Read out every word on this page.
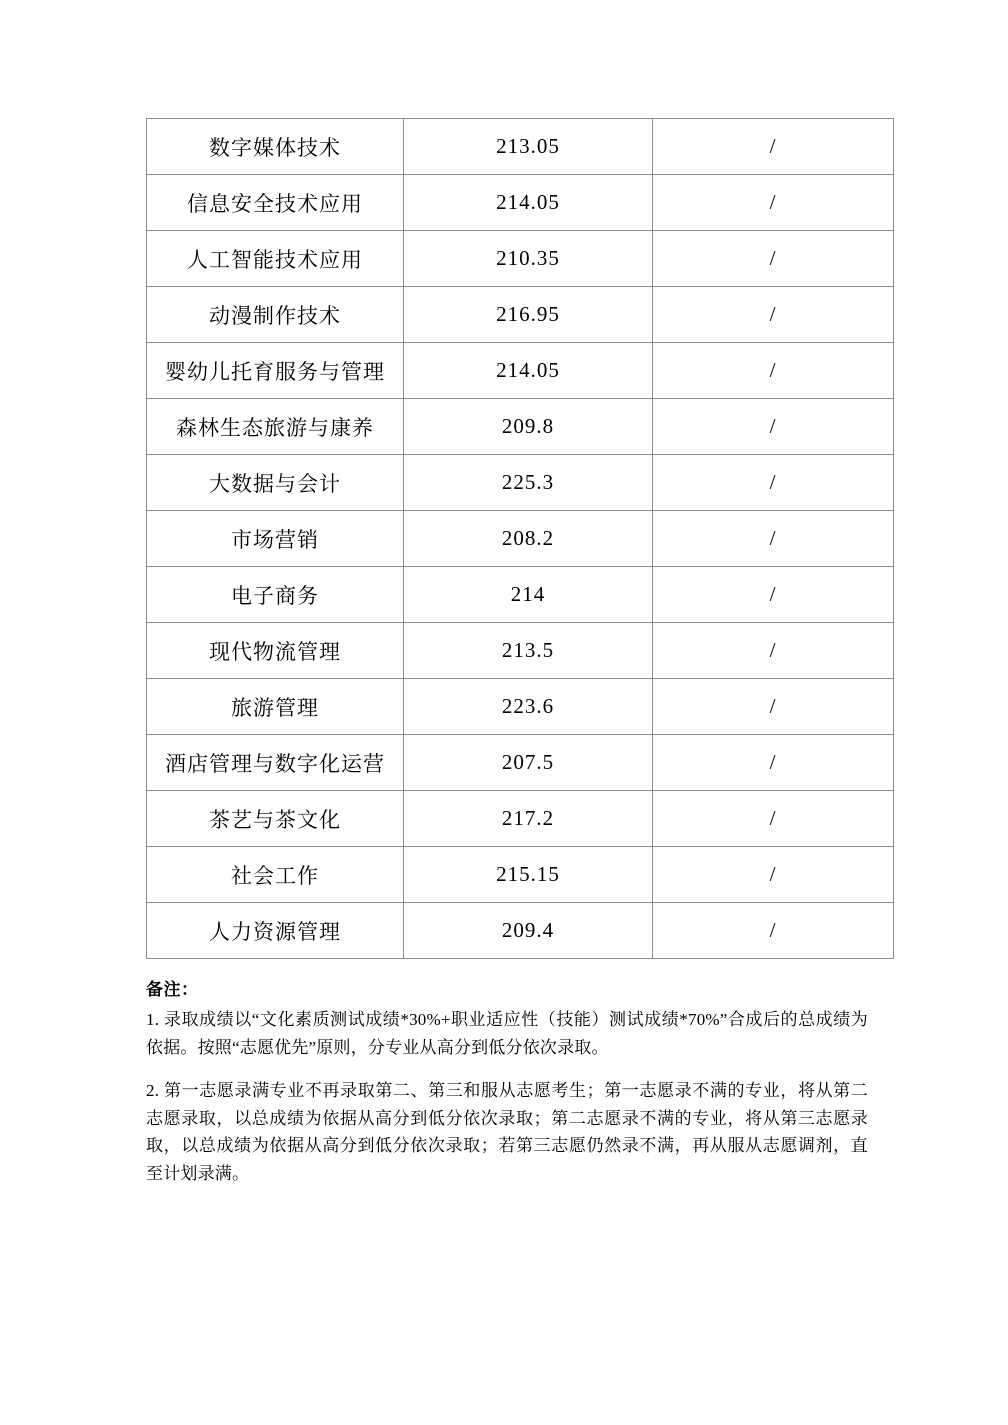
数字媒体技术	213.05	/
信息安全技术应用	214.05	/
人工智能技术应用	210.35	/
动漫制作技术	216.95	/
婴幼儿托育服务与管理	214.05	/
森林生态旅游与康养	209.8	/
大数据与会计	225.3	/
市场营销	208.2	/
电子商务	214	/
现代物流管理	213.5	/
旅游管理	223.6	/
酒店管理与数字化运营	207.5	/
茶艺与茶文化	217.2	/
社会工作	215.15	/
人力资源管理	209.4	/
备注：

1. 录取成绩以“文化素质测试成绩*30%+职业适应性（技能）测试成绩*70%”合成后的总成绩为依据。按照“志愿优先”原则，分专业从高分到低分依次录取。

2. 第一志愿录满专业不再录取第二、第三和服从志愿考生；第一志愿录不满的专业，将从第二志愿录取，以总成绩为依据从高分到低分依次录取；第二志愿录不满的专业，将从第三志愿录取，以总成绩为依据从高分到低分依次录取；若第三志愿仍然录不满，再从服从志愿调剂，直至计划录满。
